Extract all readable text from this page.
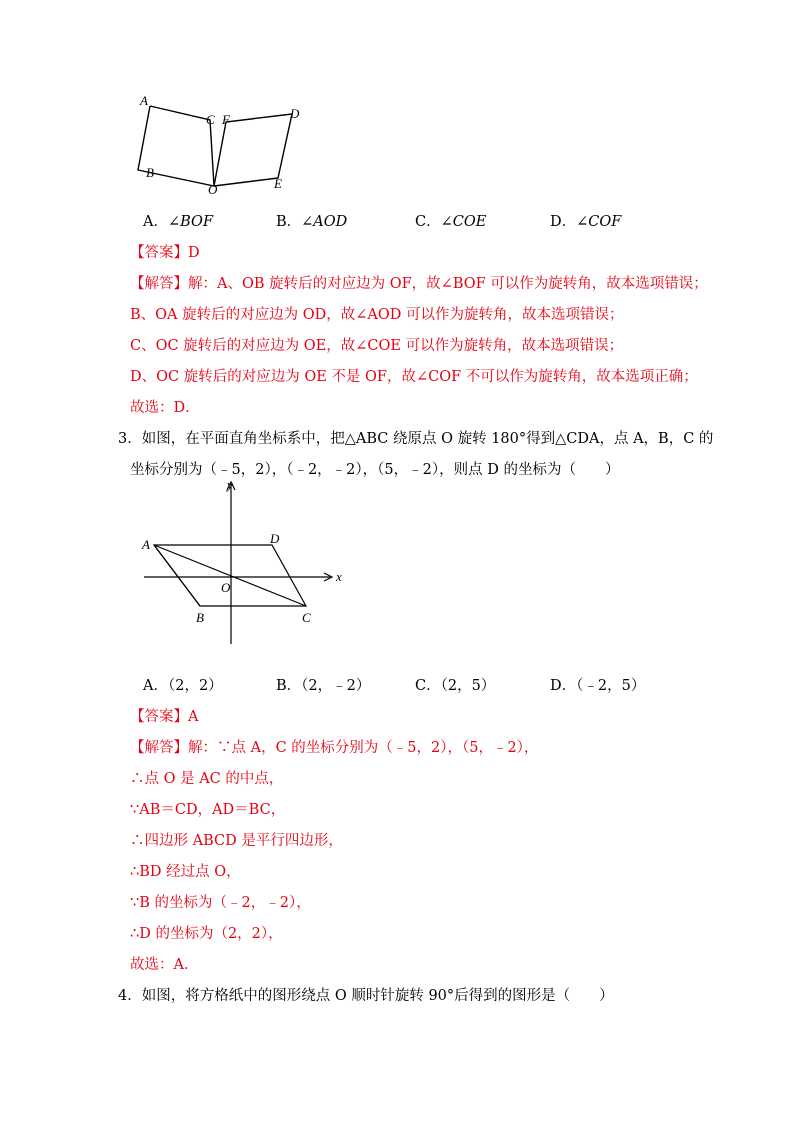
A
B
C F	D
O	E
A．∠BOF	B．∠AOD	C．∠COE	D．∠COF
【答案】D
【解答】解：A、OB 旋转后的对应边为 OF，故∠BOF 可以作为旋转角，故本选项错误；
B、OA 旋转后的对应边为 OD，故∠AOD 可以作为旋转角，故本选项错误；
C、OC 旋转后的对应边为 OE，故∠COE 可以作为旋转角，故本选项错误；
D、OC 旋转后的对应边为 OE 不是 OF，故∠COF 不可以作为旋转角，故本选项正确；
故选：D．
3．如图，在平面直角坐标系中，把△ABC 绕原点 O 旋转 180°得到△CDA，点 A，B，C 的
坐标分别为（﹣5，2），（﹣2，﹣2），（5，﹣2），则点 D 的坐标为（　　）
A	D
O
B	C
x
y
A．（2，2）	B．（2，﹣2）	C．（2，5）	D．（﹣2，5）
【答案】A
【解答】解：∵点 A，C 的坐标分别为（﹣5，2），（5，﹣2），
∴点 O 是 AC 的中点，
∵AB＝CD，AD＝BC，
∴四边形 ABCD 是平行四边形，
∴BD 经过点 O，
∵B 的坐标为（﹣2，﹣2），
∴D 的坐标为（2，2），
故选：A．
4．如图，将方格纸中的图形绕点 O 顺时针旋转 90°后得到的图形是（　　）
